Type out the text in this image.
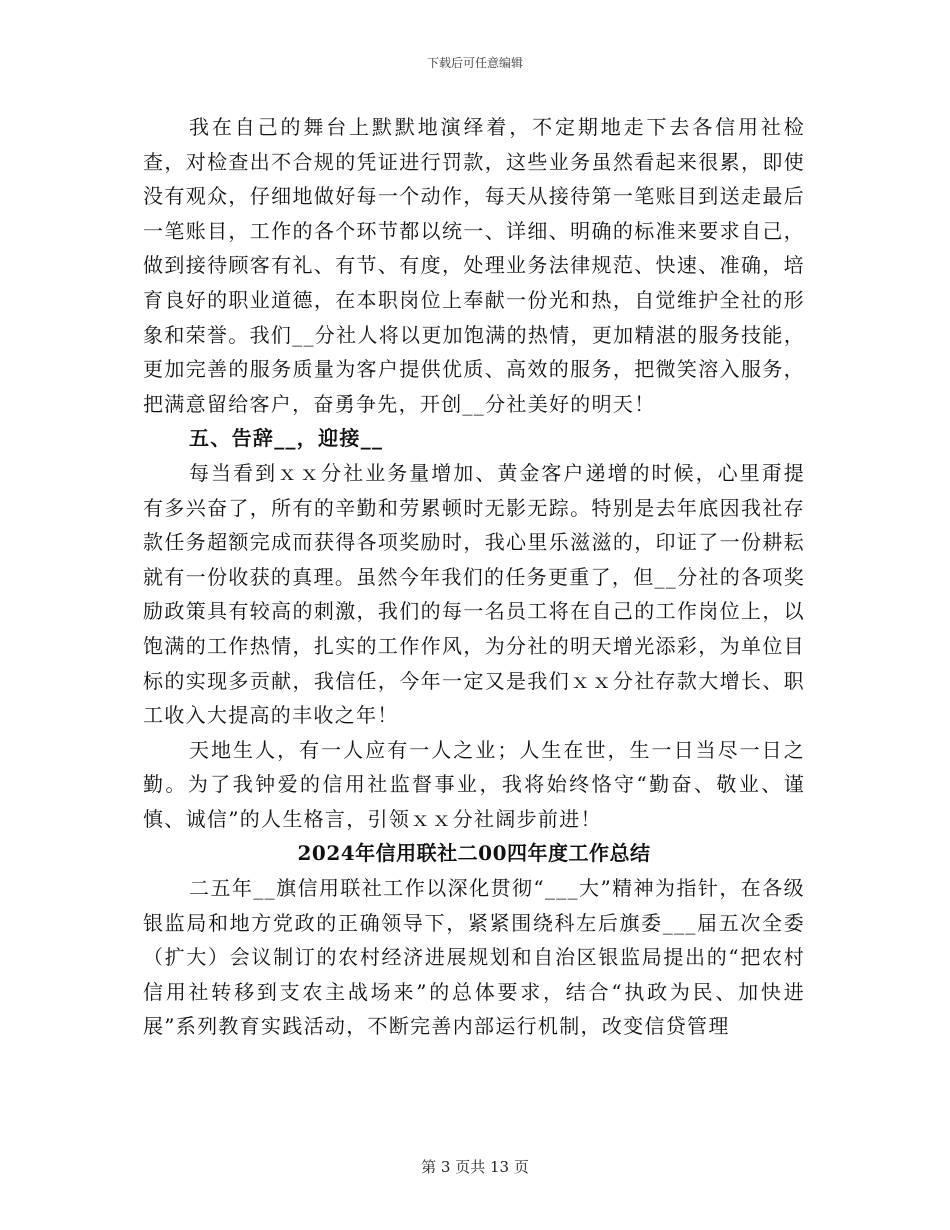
下载后可任意编辑

我在自己的舞台上默默地演绎着，不定期地走下去各信用社检查，对检查出不合规的凭证进行罚款，这些业务虽然看起来很累，即使没有观众，仔细地做好每一个动作，每天从接待第一笔账目到送走最后一笔账目，工作的各个环节都以统一、详细、明确的标准来要求自己，做到接待顾客有礼、有节、有度，处理业务法律规范、快速、准确，培育良好的职业道德，在本职岗位上奉献一份光和热，自觉维护全社的形象和荣誉。我们__分社人将以更加饱满的热情，更加精湛的服务技能，更加完善的服务质量为客户提供优质、高效的服务，把微笑溶入服务，把满意留给客户，奋勇争先，开创__分社美好的明天！

五、告辞__，迎接__

每当看到ｘｘ分社业务量增加、黄金客户递增的时候，心里甭提有多兴奋了，所有的辛勤和劳累顿时无影无踪。特别是去年底因我社存款任务超额完成而获得各项奖励时，我心里乐滋滋的，印证了一份耕耘就有一份收获的真理。虽然今年我们的任务更重了，但__分社的各项奖励政策具有较高的刺激，我们的每一名员工将在自己的工作岗位上，以饱满的工作热情，扎实的工作作风，为分社的明天增光添彩，为单位目标的实现多贡献，我信任，今年一定又是我们ｘｘ分社存款大增长、职工收入大提高的丰收之年！

天地生人，有一人应有一人之业；人生在世，生一日当尽一日之勤。为了我钟爱的信用社监督事业，我将始终恪守“勤奋、敬业、谨慎、诚信”的人生格言，引领ｘｘ分社阔步前进！

2024年信用联社二00四年度工作总结

二五年__旗信用联社工作以深化贯彻“___大”精神为指针，在各级银监局和地方党政的正确领导下，紧紧围绕科左后旗委___届五次全委（扩大）会议制订的农村经济进展规划和自治区银监局提出的“把农村信用社转移到支农主战场来”的总体要求，结合“执政为民、加快进展”系列教育实践活动，不断完善内部运行机制，改变信贷管理

第 3 页共 13 页
